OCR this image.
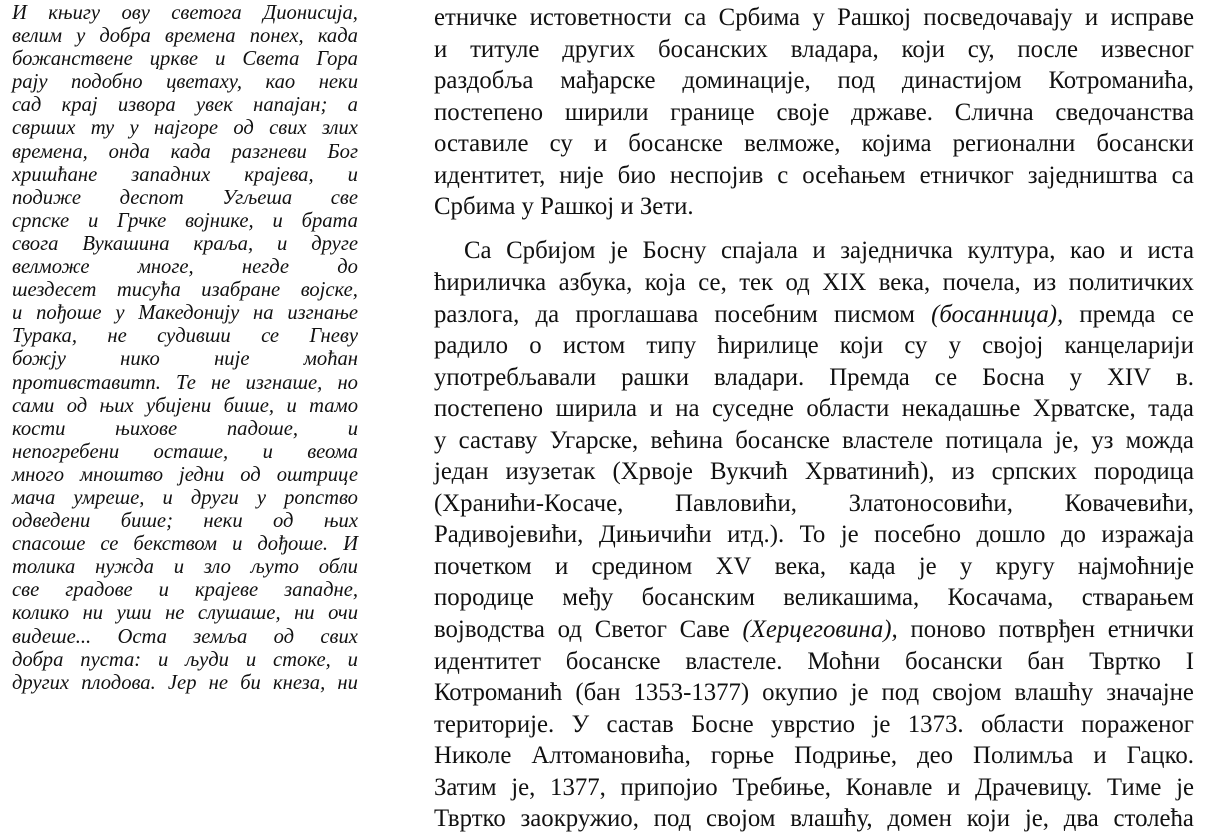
И књигу ову светога Дионисија,
велим у добра времена понех, када
божанствене цркве и Света Гора
рају подобно цветаху, као неки
сад крај извора увек напајан; а
сврших ту у најгоре од свих злих
времена, онда када разгневи Бог
хришћане западних крајева, и
подиже деспот Угљеша све
српске и Грчке војнике, и брата
свога Вукашина краља, и друге
велможе многе, негде до
шездесет тисућа изабране војске,
и пођоше у Македонију на изгнање
Турака, не судивши се Гневу
божју	нико	није	моћан
противставитп. Те не изгнаше, но
сами од њих убијени бише, и тамо
кости њихове падоше, и
непогребени осташе, и веома
много мноштво једни од оштрице
мача умреше, и други у ропство
одведени бише; неки од њих
спасоше се бекством и дођоше. И
толика нужда и зло љуто обли
све градове и крајеве западне,
колико ни уши не слушаше, ни очи
видеше... Оста земља од свих
добра пуста: и људи и стоке, и
других плодова. Јер не би кнеза, ни
етничке истоветности са Србима у Рашкој посведочавају и исправе
и титуле других босанских владара, који су, после извесног
раздобља мађарске доминације, под династијом Котроманића,
постепено ширили границе своје државе. Слична сведочанства
оставиле су и босанске велможе, којима регионални босански
идентитет, није био неспојив с осећањем етничког заједништва са
Србима у Рашкој и Зети.
Са Србијом је Босну спајала и заједничка култура, као и иста
ћириличка азбука, која се, тек од XIX века, почела, из политичких
разлога, да проглашава посебним писмом (босанница), премда се
радило о истом типу ћирилице који су у својој канцеларији
употребљавали рашки владари. Премда се Босна у XIV в.
постепено ширила и на суседне области некадашње Хрватске, тада
у саставу Угарске, већина босанске властеле потицала је, уз можда
један изузетак (Хрвоје Вукчић Хрватинић), из српских породица
(Хранићи-Косаче, Павловићи, Златоносовићи, Ковачевићи,
Радивојевићи, Дињичићи итд.). То је посебно дошло до изражаја
почетком и средином XV века, када је у кругу најмоћније
породице међу босанским великашима, Косачама, стварањем
војводства од Светог Саве (Херцеговина), поново потврђен етнички
идентитет босанске властеле. Моћни босански бан Твртко I
Котроманић (бан 1353-1377) окупио је под својом влашћу значајне
територије. У састав Босне уврстио је 1373. области пораженог
Николе Алтомановића, горње Подриње, део Полимља и Гацко.
Затим је, 1377, припојио Требиње, Конавле и Драчевицу. Тиме је
Твртко заокружио, под својом влашћу, домен који је, два столећа
